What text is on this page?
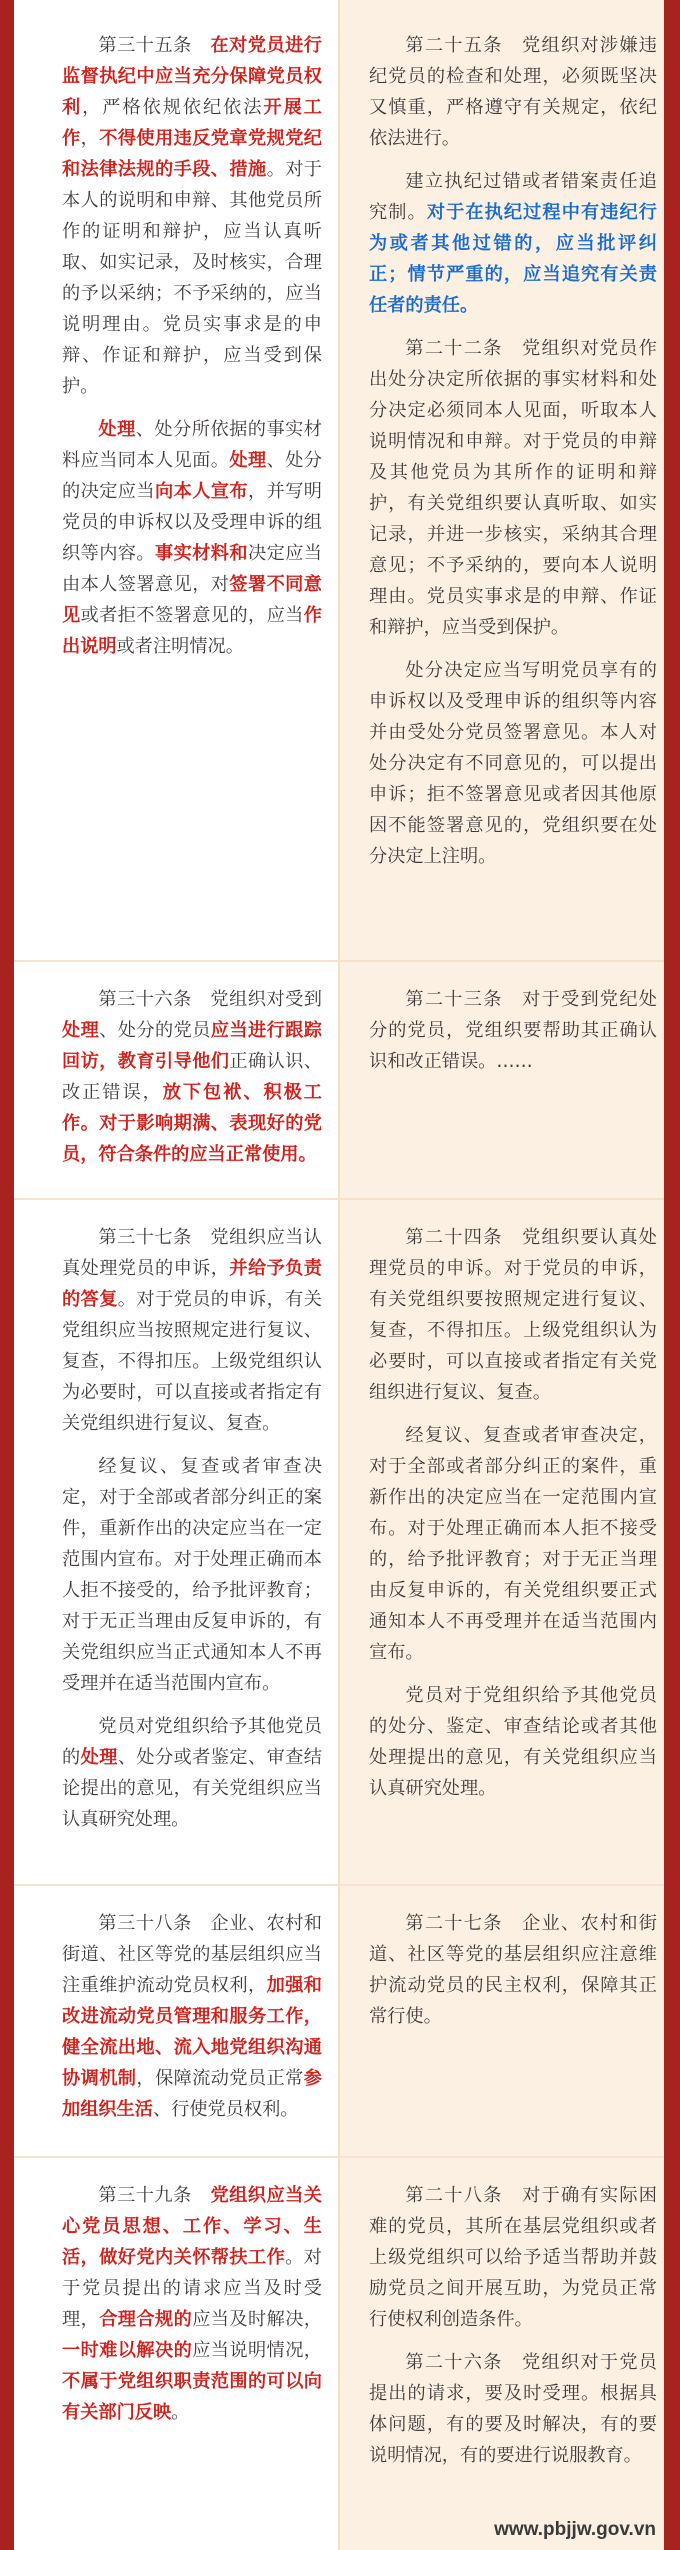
第三十五条　在对党员进行监督执纪中应当充分保障党员权利，严格依规依纪依法开展工作，不得使用违反党章党规党纪和法律法规的手段、措施。对于本人的说明和申辩、其他党员所作的证明和辩护，应当认真听取、如实记录，及时核实，合理的予以采纳；不予采纳的，应当说明理由。党员实事求是的申辩、作证和辩护，应当受到保护。

处理、处分所依据的事实材料应当同本人见面。处理、处分的决定应当向本人宣布，并写明党员的申诉权以及受理申诉的组织等内容。事实材料和决定应当由本人签署意见，对签署不同意见或者拒不签署意见的，应当作出说明或者注明情况。

第二十五条　党组织对涉嫌违纪党员的检查和处理，必须既坚决又慎重，严格遵守有关规定，依纪依法进行。

建立执纪过错或者错案责任追究制。对于在执纪过程中有违纪行为或者其他过错的，应当批评纠正；情节严重的，应当追究有关责任者的责任。

第二十二条　党组织对党员作出处分决定所依据的事实材料和处分决定必须同本人见面，听取本人说明情况和申辩。对于党员的申辩及其他党员为其所作的证明和辩护，有关党组织要认真听取、如实记录，并进一步核实，采纳其合理意见；不予采纳的，要向本人说明理由。党员实事求是的申辩、作证和辩护，应当受到保护。

处分决定应当写明党员享有的申诉权以及受理申诉的组织等内容并由受处分党员签署意见。本人对处分决定有不同意见的，可以提出申诉；拒不签署意见或者因其他原因不能签署意见的，党组织要在处分决定上注明。

第三十六条　党组织对受到处理、处分的党员应当进行跟踪回访，教育引导他们正确认识、改正错误，放下包袱、积极工作。对于影响期满、表现好的党员，符合条件的应当正常使用。

第二十三条　对于受到党纪处分的党员，党组织要帮助其正确认识和改正错误。……

第三十七条　党组织应当认真处理党员的申诉，并给予负责的答复。对于党员的申诉，有关党组织应当按照规定进行复议、复查，不得扣压。上级党组织认为必要时，可以直接或者指定有关党组织进行复议、复查。

经复议、复查或者审查决定，对于全部或者部分纠正的案件，重新作出的决定应当在一定范围内宣布。对于处理正确而本人拒不接受的，给予批评教育；对于无正当理由反复申诉的，有关党组织应当正式通知本人不再受理并在适当范围内宣布。

党员对党组织给予其他党员的处理、处分或者鉴定、审查结论提出的意见，有关党组织应当认真研究处理。

第二十四条　党组织要认真处理党员的申诉。对于党员的申诉，有关党组织要按照规定进行复议、复查，不得扣压。上级党组织认为必要时，可以直接或者指定有关党组织进行复议、复查。

经复议、复查或者审查决定，对于全部或者部分纠正的案件，重新作出的决定应当在一定范围内宣布。对于处理正确而本人拒不接受的，给予批评教育；对于无正当理由反复申诉的，有关党组织要正式通知本人不再受理并在适当范围内宣布。

党员对于党组织给予其他党员的处分、鉴定、审查结论或者其他处理提出的意见，有关党组织应当认真研究处理。

第三十八条　企业、农村和街道、社区等党的基层组织应当注重维护流动党员权利，加强和改进流动党员管理和服务工作，健全流出地、流入地党组织沟通协调机制，保障流动党员正常参加组织生活、行使党员权利。

第二十七条　企业、农村和街道、社区等党的基层组织应注意维护流动党员的民主权利，保障其正常行使。

第三十九条　党组织应当关心党员思想、工作、学习、生活，做好党内关怀帮扶工作。对于党员提出的请求应当及时受理，合理合规的应当及时解决，一时难以解决的应当说明情况，不属于党组织职责范围的可以向有关部门反映。

第二十八条　对于确有实际困难的党员，其所在基层党组织或者上级党组织可以给予适当帮助并鼓励党员之间开展互助，为党员正常行使权利创造条件。

第二十六条　党组织对于党员提出的请求，要及时受理。根据具体问题，有的要及时解决，有的要说明情况，有的要进行说服教育。

www.pbjjw.gov.vn
